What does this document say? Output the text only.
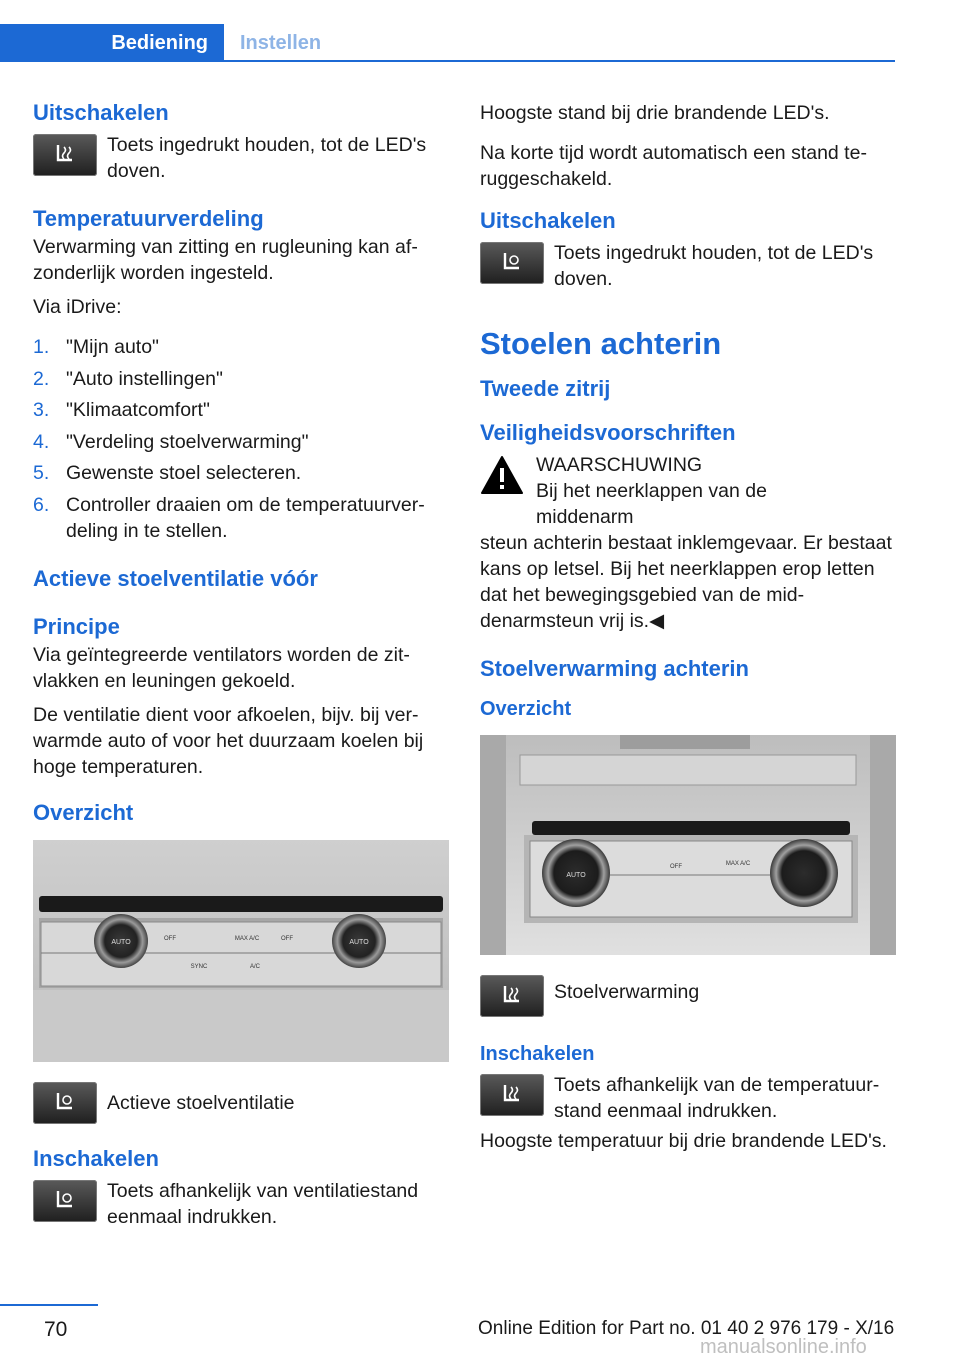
Bediening	Instellen
Uitschakelen
Toets ingedrukt houden, tot de LED's doven.
Temperatuurverdeling

Verwarming van zitting en rugleuning kan afzonderlijk worden ingesteld.

Via iDrive:

1. "Mijn auto"
2. "Auto instellingen"
3. "Klimaatcomfort"
4. "Verdeling stoelverwarming"
5. Gewenste stoel selecteren.
6. Controller draaien om de temperatuurverdeling in te stellen.
Actieve stoelventilatie vóór
Principe

Via geïntegreerde ventilators worden de zitvlakken en leuningen gekoeld.

De ventilatie dient voor afkoelen, bijv. bij verwarmde auto of voor het duurzaam koelen bij hoge temperaturen.

Overzicht
AUTO	OFF	MAX A/C	OFF	AUTO
SYNC	A/C
Actieve stoelventilatie
Inschakelen
Toets afhankelijk van ventilatiestand eenmaal indrukken.

Hoogste stand bij drie brandende LED's.

Na korte tijd wordt automatisch een stand teruggeschakeld.

Uitschakelen
Toets ingedrukt houden, tot de LED's doven.
Stoelen achterin
Tweede zitrij
Veiligheidsvoorschriften
WAARSCHUWING
Bij het neerklappen van de middenarm

steun achterin bestaat inklemgevaar. Er bestaat kans op letsel. Bij het neerklappen erop letten dat het bewegingsgebied van de middenarmsteun vrij is.◀

Stoelverwarming achterin
Overzicht
AUTO
OFF	MAX A/C
Stoelverwarming
Inschakelen
Toets afhankelijk van de temperatuurstand eenmaal indrukken.

Hoogste temperatuur bij drie brandende LED's.

70	Online Edition for Part no. 01 40 2 976 179 - X/16
manualsonline.info
